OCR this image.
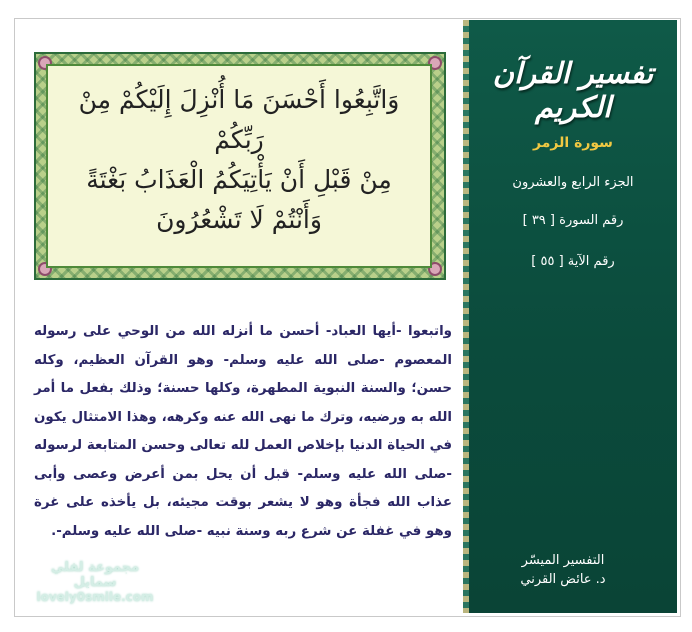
تفسير القرآن الكريم
سورة الزمر
الجزء الرابع والعشرون
رقم السورة [ ٣٩ ]
رقم الآية [ ٥٥ ]
التفسير الميسّر
د. عائض القرني
وَاتَّبِعُوا أَحْسَنَ مَا أُنْزِلَ إِلَيْكُمْ مِنْ رَبِّكُمْ
مِنْ قَبْلِ أَنْ يَأْتِيَكُمُ الْعَذَابُ بَغْتَةً
وَأَنْتُمْ لَا تَشْعُرُونَ
واتبعوا -أيها العباد- أحسن ما أنزله الله من الوحي على رسوله المعصوم -صلى الله عليه وسلم- وهو القرآن العظيم، وكله حسن؛ والسنة النبوية المطهرة، وكلها حسنة؛ وذلك بفعل ما أمر الله به ورضيه، وترك ما نهى الله عنه وكرهه، وهذا الامتثال يكون في الحياة الدنيا بإخلاص العمل لله تعالى وحسن المتابعة لرسوله -صلى الله عليه وسلم- قبل أن يحل بمن أعرض وعصى وأبى عذاب الله فجأة وهو لا يشعر بوقت مجيئه، بل يأخذه على غرة وهو في غفلة عن شرع ربه وسنة نبيه -صلى الله عليه وسلم-.
مجموعة لفلي سمايل
lovely0smile.com
